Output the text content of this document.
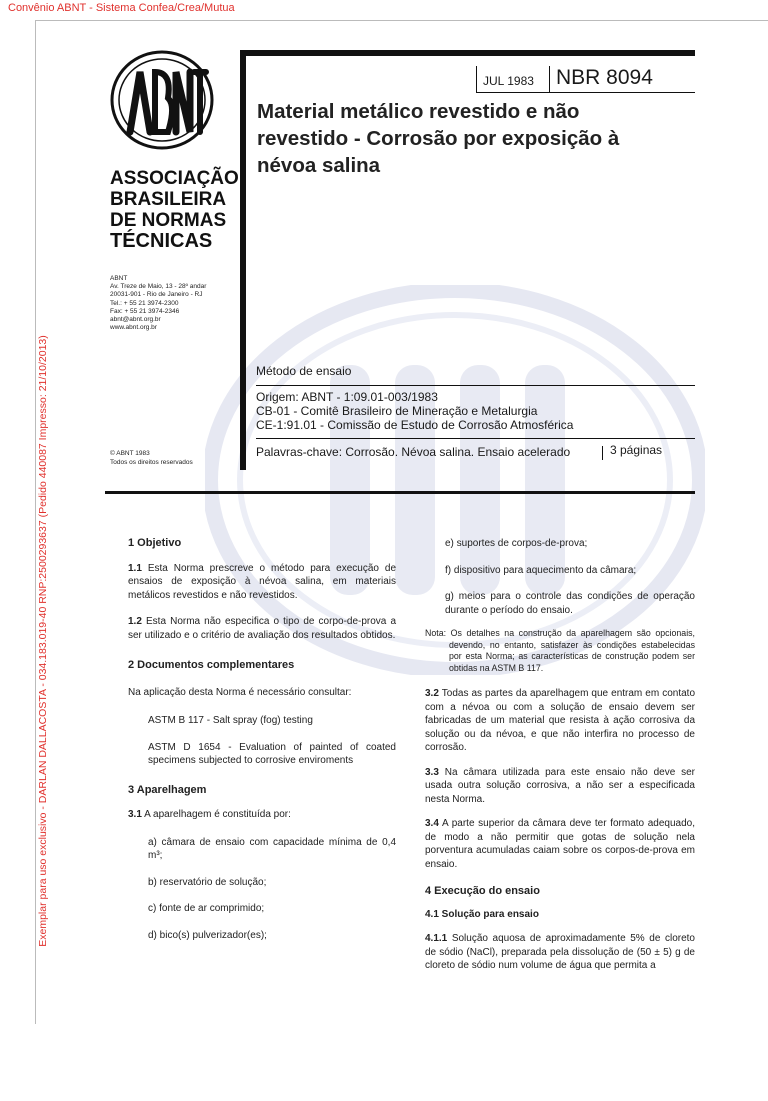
Convênio ABNT - Sistema Confea/Crea/Mutua
Exemplar para uso exclusivo - DARLAN DALLACOSTA - 034.183.019-40 RNP:2500293637 (Pedido 440087 Impresso: 21/10/2013)
ASSOCIAÇÃO
BRASILEIRA
DE NORMAS
TÉCNICAS
ABNT
Av. Treze de Maio, 13 - 28º andar
20031-901 - Rio de Janeiro - RJ
Tel.: + 55 21 3974-2300
Fax: + 55 21 3974-2346
abnt@abnt.org.br
www.abnt.org.br
© ABNT 1983
Todos os direitos reservados
JUL 1983 NBR 8094
Material metálico revestido e não
revestido - Corrosão por exposição à
névoa salina
Método de ensaio
Origem: ABNT - 1:09.01-003/1983
CB-01 - Comitê Brasileiro de Mineração e Metalurgia
CE-1:91.01 - Comissão de Estudo de Corrosão Atmosférica
Palavras-chave: Corrosão. Névoa salina. Ensaio acelerado	3 páginas

1 Objetivo

1.1 Esta Norma prescreve o método para execução de ensaios de exposição à névoa salina, em materiais metálicos revestidos e não revestidos.

1.2 Esta Norma não especifica o tipo de corpo-de-prova a ser utilizado e o critério de avaliação dos resultados obtidos.

2 Documentos complementares

Na aplicação desta Norma é necessário consultar:

ASTM B 117 - Salt spray (fog) testing

ASTM D 1654 - Evaluation of painted of coated specimens subjected to corrosive enviroments

3 Aparelhagem

3.1 A aparelhagem é constituída por:

a) câmara de ensaio com capacidade mínima de 0,4 m³;

b) reservatório de solução;

c) fonte de ar comprimido;

d) bico(s) pulverizador(es);

e) suportes de corpos-de-prova;

f) dispositivo para aquecimento da câmara;

g) meios para o controle das condições de operação durante o período do ensaio.

Nota: Os detalhes na construção da aparelhagem são opcionais, devendo, no entanto, satisfazer às condições estabelecidas por esta Norma; as características de construção podem ser obtidas na ASTM B 117.

3.2 Todas as partes da aparelhagem que entram em contato com a névoa ou com a solução de ensaio devem ser fabricadas de um material que resista à ação corrosiva da solução ou da névoa, e que não interfira no processo de corrosão.

3.3 Na câmara utilizada para este ensaio não deve ser usada outra solução corrosiva, a não ser a especificada nesta Norma.

3.4 A parte superior da câmara deve ter formato adequado, de modo a não permitir que gotas de solução nela porventura acumuladas caiam sobre os corpos-de-prova em ensaio.

4 Execução do ensaio

4.1 Solução para ensaio

4.1.1 Solução aquosa de aproximadamente 5% de cloreto de sódio (NaCl), preparada pela dissolução de (50 ± 5) g de cloreto de sódio num volume de água que permita a
